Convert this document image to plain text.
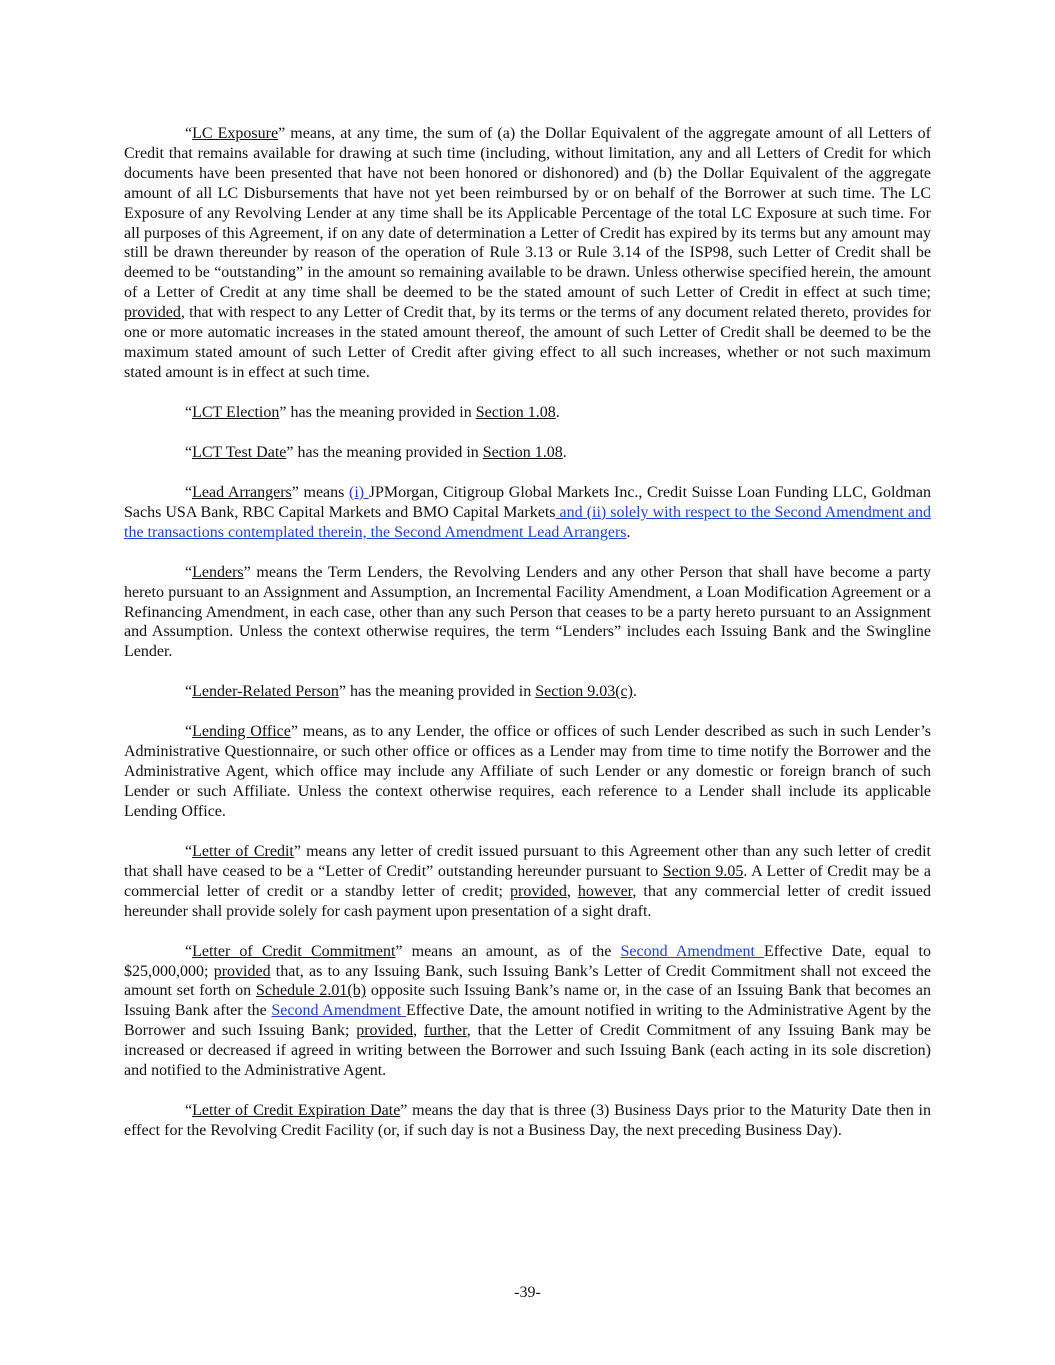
“LC Exposure” means, at any time, the sum of (a) the Dollar Equivalent of the aggregate amount of all Letters of Credit that remains available for drawing at such time (including, without limitation, any and all Letters of Credit for which documents have been presented that have not been honored or dishonored) and (b) the Dollar Equivalent of the aggregate amount of all LC Disbursements that have not yet been reimbursed by or on behalf of the Borrower at such time. The LC Exposure of any Revolving Lender at any time shall be its Applicable Percentage of the total LC Exposure at such time. For all purposes of this Agreement, if on any date of determination a Letter of Credit has expired by its terms but any amount may still be drawn thereunder by reason of the operation of Rule 3.13 or Rule 3.14 of the ISP98, such Letter of Credit shall be deemed to be “outstanding” in the amount so remaining available to be drawn. Unless otherwise specified herein, the amount of a Letter of Credit at any time shall be deemed to be the stated amount of such Letter of Credit in effect at such time; provided, that with respect to any Letter of Credit that, by its terms or the terms of any document related thereto, provides for one or more automatic increases in the stated amount thereof, the amount of such Letter of Credit shall be deemed to be the maximum stated amount of such Letter of Credit after giving effect to all such increases, whether or not such maximum stated amount is in effect at such time.

“LCT Election” has the meaning provided in Section 1.08.

“LCT Test Date” has the meaning provided in Section 1.08.

“Lead Arrangers” means (i) JPMorgan, Citigroup Global Markets Inc., Credit Suisse Loan Funding LLC, Goldman Sachs USA Bank, RBC Capital Markets and BMO Capital Markets and (ii) solely with respect to the Second Amendment and the transactions contemplated therein, the Second Amendment Lead Arrangers.

“Lenders” means the Term Lenders, the Revolving Lenders and any other Person that shall have become a party hereto pursuant to an Assignment and Assumption, an Incremental Facility Amendment, a Loan Modification Agreement or a Refinancing Amendment, in each case, other than any such Person that ceases to be a party hereto pursuant to an Assignment and Assumption. Unless the context otherwise requires, the term “Lenders” includes each Issuing Bank and the Swingline Lender.

“Lender-Related Person” has the meaning provided in Section 9.03(c).

“Lending Office” means, as to any Lender, the office or offices of such Lender described as such in such Lender’s Administrative Questionnaire, or such other office or offices as a Lender may from time to time notify the Borrower and the Administrative Agent, which office may include any Affiliate of such Lender or any domestic or foreign branch of such Lender or such Affiliate. Unless the context otherwise requires, each reference to a Lender shall include its applicable Lending Office.

“Letter of Credit” means any letter of credit issued pursuant to this Agreement other than any such letter of credit that shall have ceased to be a “Letter of Credit” outstanding hereunder pursuant to Section 9.05. A Letter of Credit may be a commercial letter of credit or a standby letter of credit; provided, however, that any commercial letter of credit issued hereunder shall provide solely for cash payment upon presentation of a sight draft.

“Letter of Credit Commitment” means an amount, as of the Second Amendment Effective Date, equal to $25,000,000; provided that, as to any Issuing Bank, such Issuing Bank’s Letter of Credit Commitment shall not exceed the amount set forth on Schedule 2.01(b) opposite such Issuing Bank’s name or, in the case of an Issuing Bank that becomes an Issuing Bank after the Second Amendment Effective Date, the amount notified in writing to the Administrative Agent by the Borrower and such Issuing Bank; provided, further, that the Letter of Credit Commitment of any Issuing Bank may be increased or decreased if agreed in writing between the Borrower and such Issuing Bank (each acting in its sole discretion) and notified to the Administrative Agent.

“Letter of Credit Expiration Date” means the day that is three (3) Business Days prior to the Maturity Date then in effect for the Revolving Credit Facility (or, if such day is not a Business Day, the next preceding Business Day).

-39-
